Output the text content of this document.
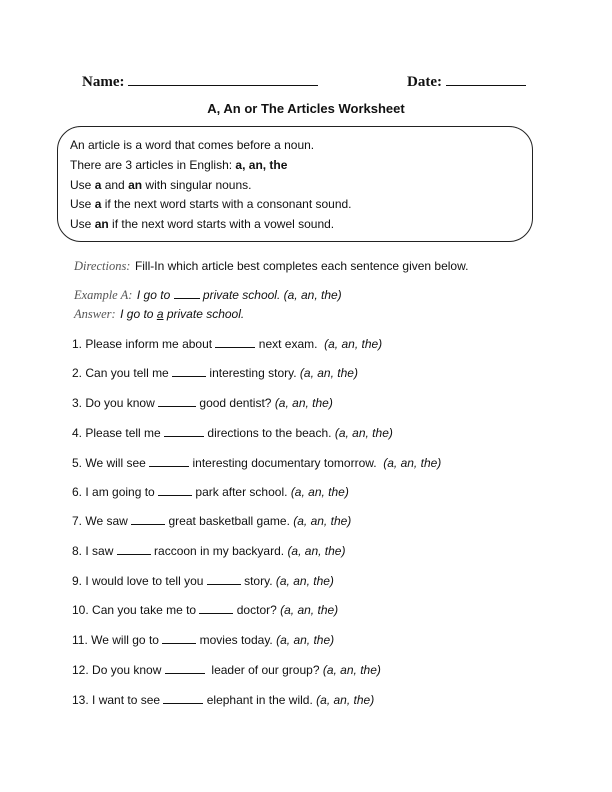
Name:	Date:
A, An or The Articles Worksheet
An article is a word that comes before a noun.
There are 3 articles in English: a, an, the
Use a and an with singular nouns.
Use a if the next word starts with a consonant sound.
Use an if the next word starts with a vowel sound.
Directions: Fill-In which article best completes each sentence given below.
Example A: I go to  private school. (a, an, the)
Answer: I go to a private school.
1. Please inform me about	next exam. (a, an, the)
2. Can you tell me	interesting story. (a, an, the)
3. Do you know	good dentist? (a, an, the)
4. Please tell me	directions to the beach. (a, an, the)
5. We will see	interesting documentary tomorrow. (a, an, the)
6. I am going to	park after school. (a, an, the)
7. We saw	great basketball game. (a, an, the)
8. I saw	raccoon in my backyard. (a, an, the)
9. I would love to tell you	story. (a, an, the)
10. Can you take me to	doctor? (a, an, the)
11. We will go to	movies today. (a, an, the)
12. Do you know	leader of our group? (a, an, the)
13. I want to see	elephant in the wild. (a, an, the)
